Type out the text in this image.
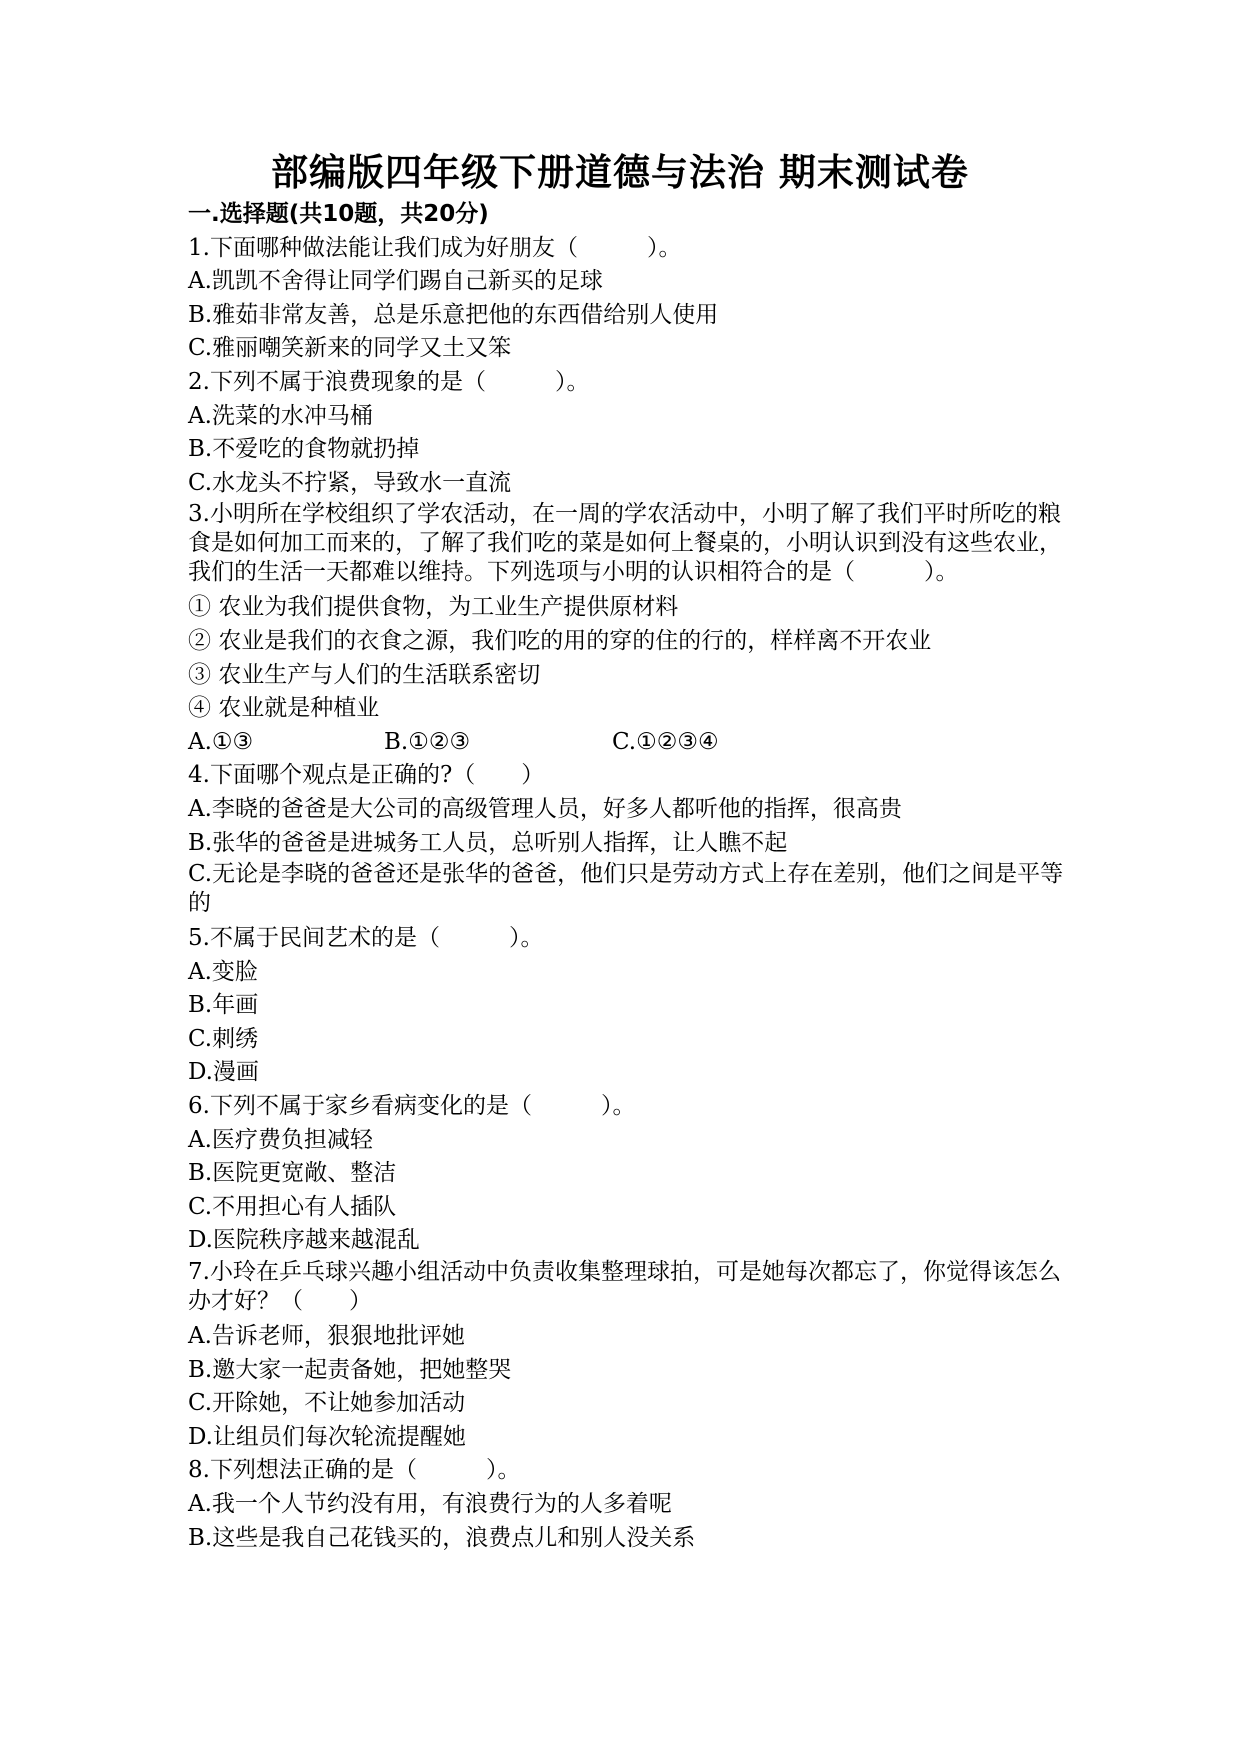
部编版四年级下册道德与法治 期末测试卷
一.选择题(共10题，共20分)
1.下面哪种做法能让我们成为好朋友（　　　）。
A.凯凯不舍得让同学们踢自己新买的足球
B.雅茹非常友善，总是乐意把他的东西借给别人使用
C.雅丽嘲笑新来的同学又土又笨
2.下列不属于浪费现象的是（　　　）。
A.洗菜的水冲马桶
B.不爱吃的食物就扔掉
C.水龙头不拧紧，导致水一直流
3.小明所在学校组织了学农活动，在一周的学农活动中，小明了解了我们平时所吃的粮食是如何加工而来的，了解了我们吃的菜是如何上餐桌的，小明认识到没有这些农业，我们的生活一天都难以维持。下列选项与小明的认识相符合的是（　　　）。
① 农业为我们提供食物，为工业生产提供原材料
② 农业是我们的衣食之源，我们吃的用的穿的住的行的，样样离不开农业
③ 农业生产与人们的生活联系密切
④ 农业就是种植业
A.①③	B.①②③	C.①②③④
4.下面哪个观点是正确的?（　　）
A.李晓的爸爸是大公司的高级管理人员，好多人都听他的指挥，很高贵
B.张华的爸爸是进城务工人员，总听别人指挥，让人瞧不起
C.无论是李晓的爸爸还是张华的爸爸，他们只是劳动方式上存在差别，他们之间是平等的
5.不属于民间艺术的是（　　　）。
A.变脸
B.年画
C.刺绣
D.漫画
6.下列不属于家乡看病变化的是（　　　）。
A.医疗费负担减轻
B.医院更宽敞、整洁
C.不用担心有人插队
D.医院秩序越来越混乱
7.小玲在乒乓球兴趣小组活动中负责收集整理球拍，可是她每次都忘了，你觉得该怎么办才好？（　　）
A.告诉老师，狠狠地批评她
B.邀大家一起责备她，把她整哭
C.开除她，不让她参加活动
D.让组员们每次轮流提醒她
8.下列想法正确的是（　　　）。
A.我一个人节约没有用，有浪费行为的人多着呢
B.这些是我自己花钱买的，浪费点儿和别人没关系
